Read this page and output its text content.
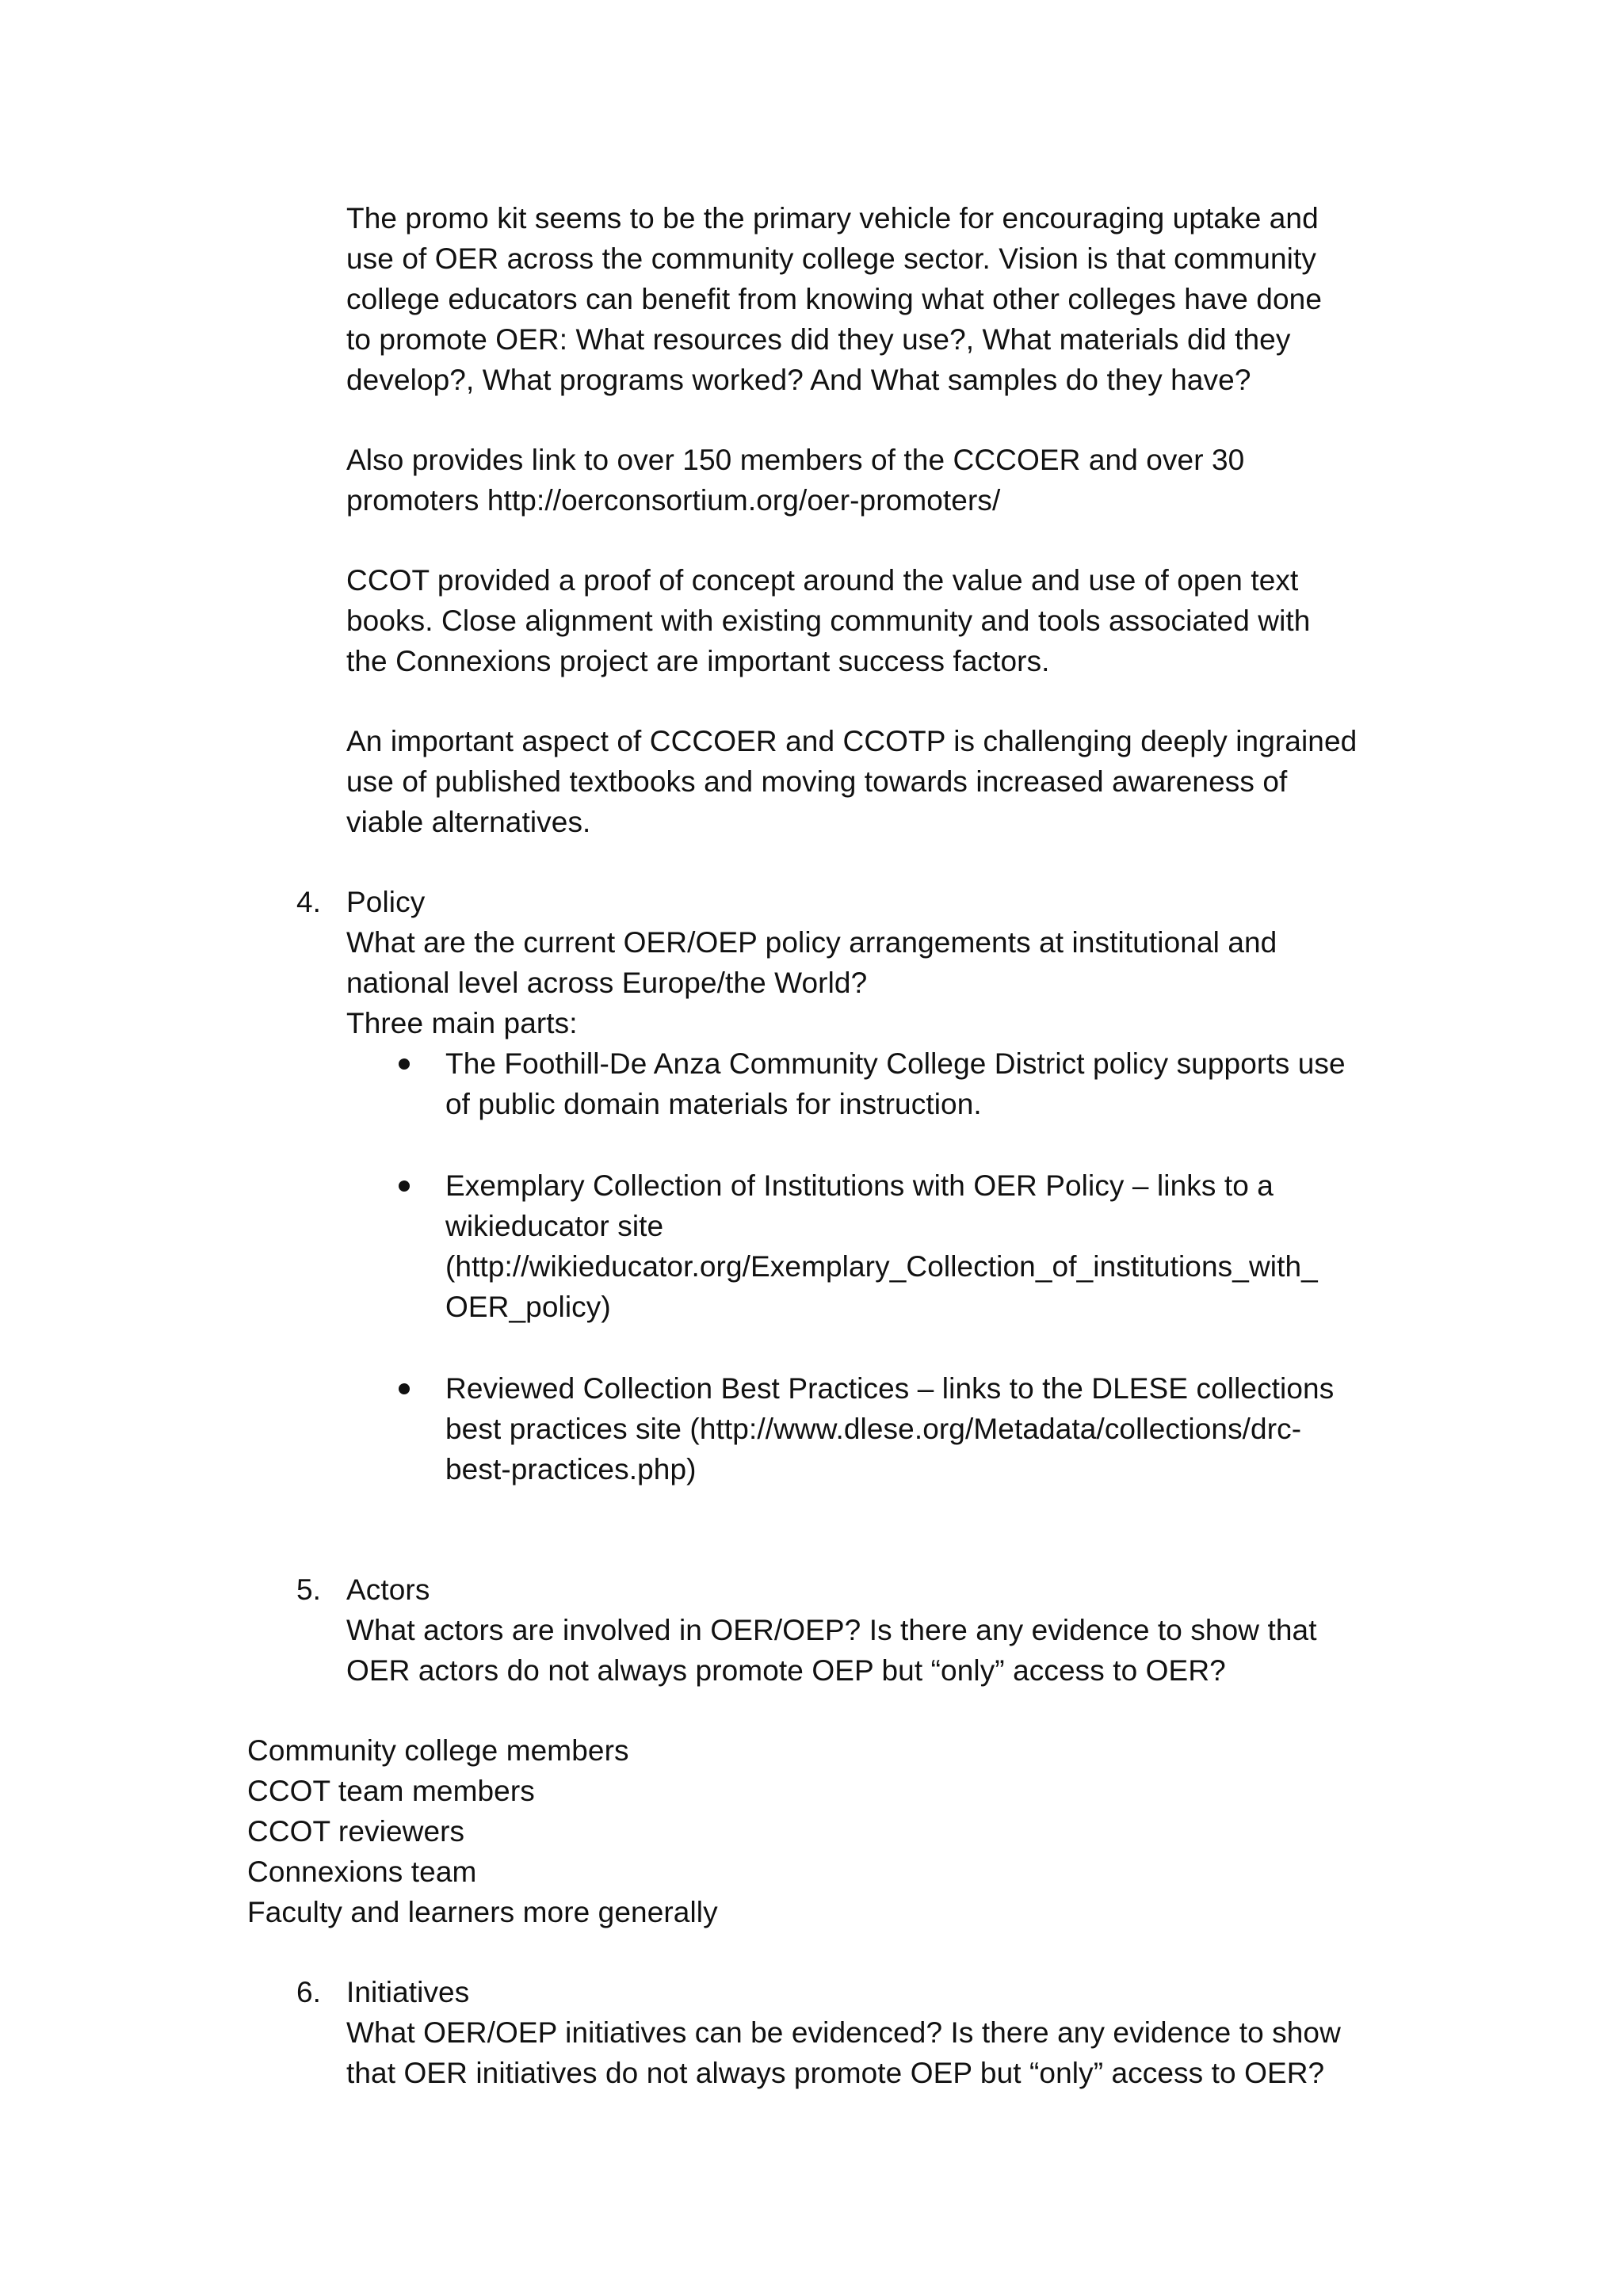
The promo kit seems to be the primary vehicle for encouraging uptake and
use of OER across the community college sector. Vision is that community
college educators can benefit from knowing what other colleges have done
to promote OER: What resources did they use?, What materials did they
develop?, What programs worked? And What samples do they have?
Also provides link to over 150 members of the CCCOER and over 30
promoters http://oerconsortium.org/oer-promoters/
CCOT provided a proof of concept around the value and use of open text
books. Close alignment with existing community and tools associated with
the Connexions project are important success factors.
An important aspect of CCCOER and CCOTP is challenging deeply ingrained
use of published textbooks and moving towards increased awareness of
viable alternatives.
4. Policy
What are the current OER/OEP policy arrangements at institutional and
national level across Europe/the World?
Three main parts:
The Foothill-De Anza Community College District policy supports use
of public domain materials for instruction.
Exemplary Collection of Institutions with OER Policy – links to a
wikieducator site
(http://wikieducator.org/Exemplary_Collection_of_institutions_with_
OER_policy)
Reviewed Collection Best Practices – links to the DLESE collections
best practices site (http://www.dlese.org/Metadata/collections/drc-
best-practices.php)
5. Actors
What actors are involved in OER/OEP? Is there any evidence to show that
OER actors do not always promote OEP but “only” access to OER?
Community college members
CCOT team members
CCOT reviewers
Connexions team
Faculty and learners more generally
6. Initiatives
What OER/OEP initiatives can be evidenced? Is there any evidence to show
that OER initiatives do not always promote OEP but “only” access to OER?
